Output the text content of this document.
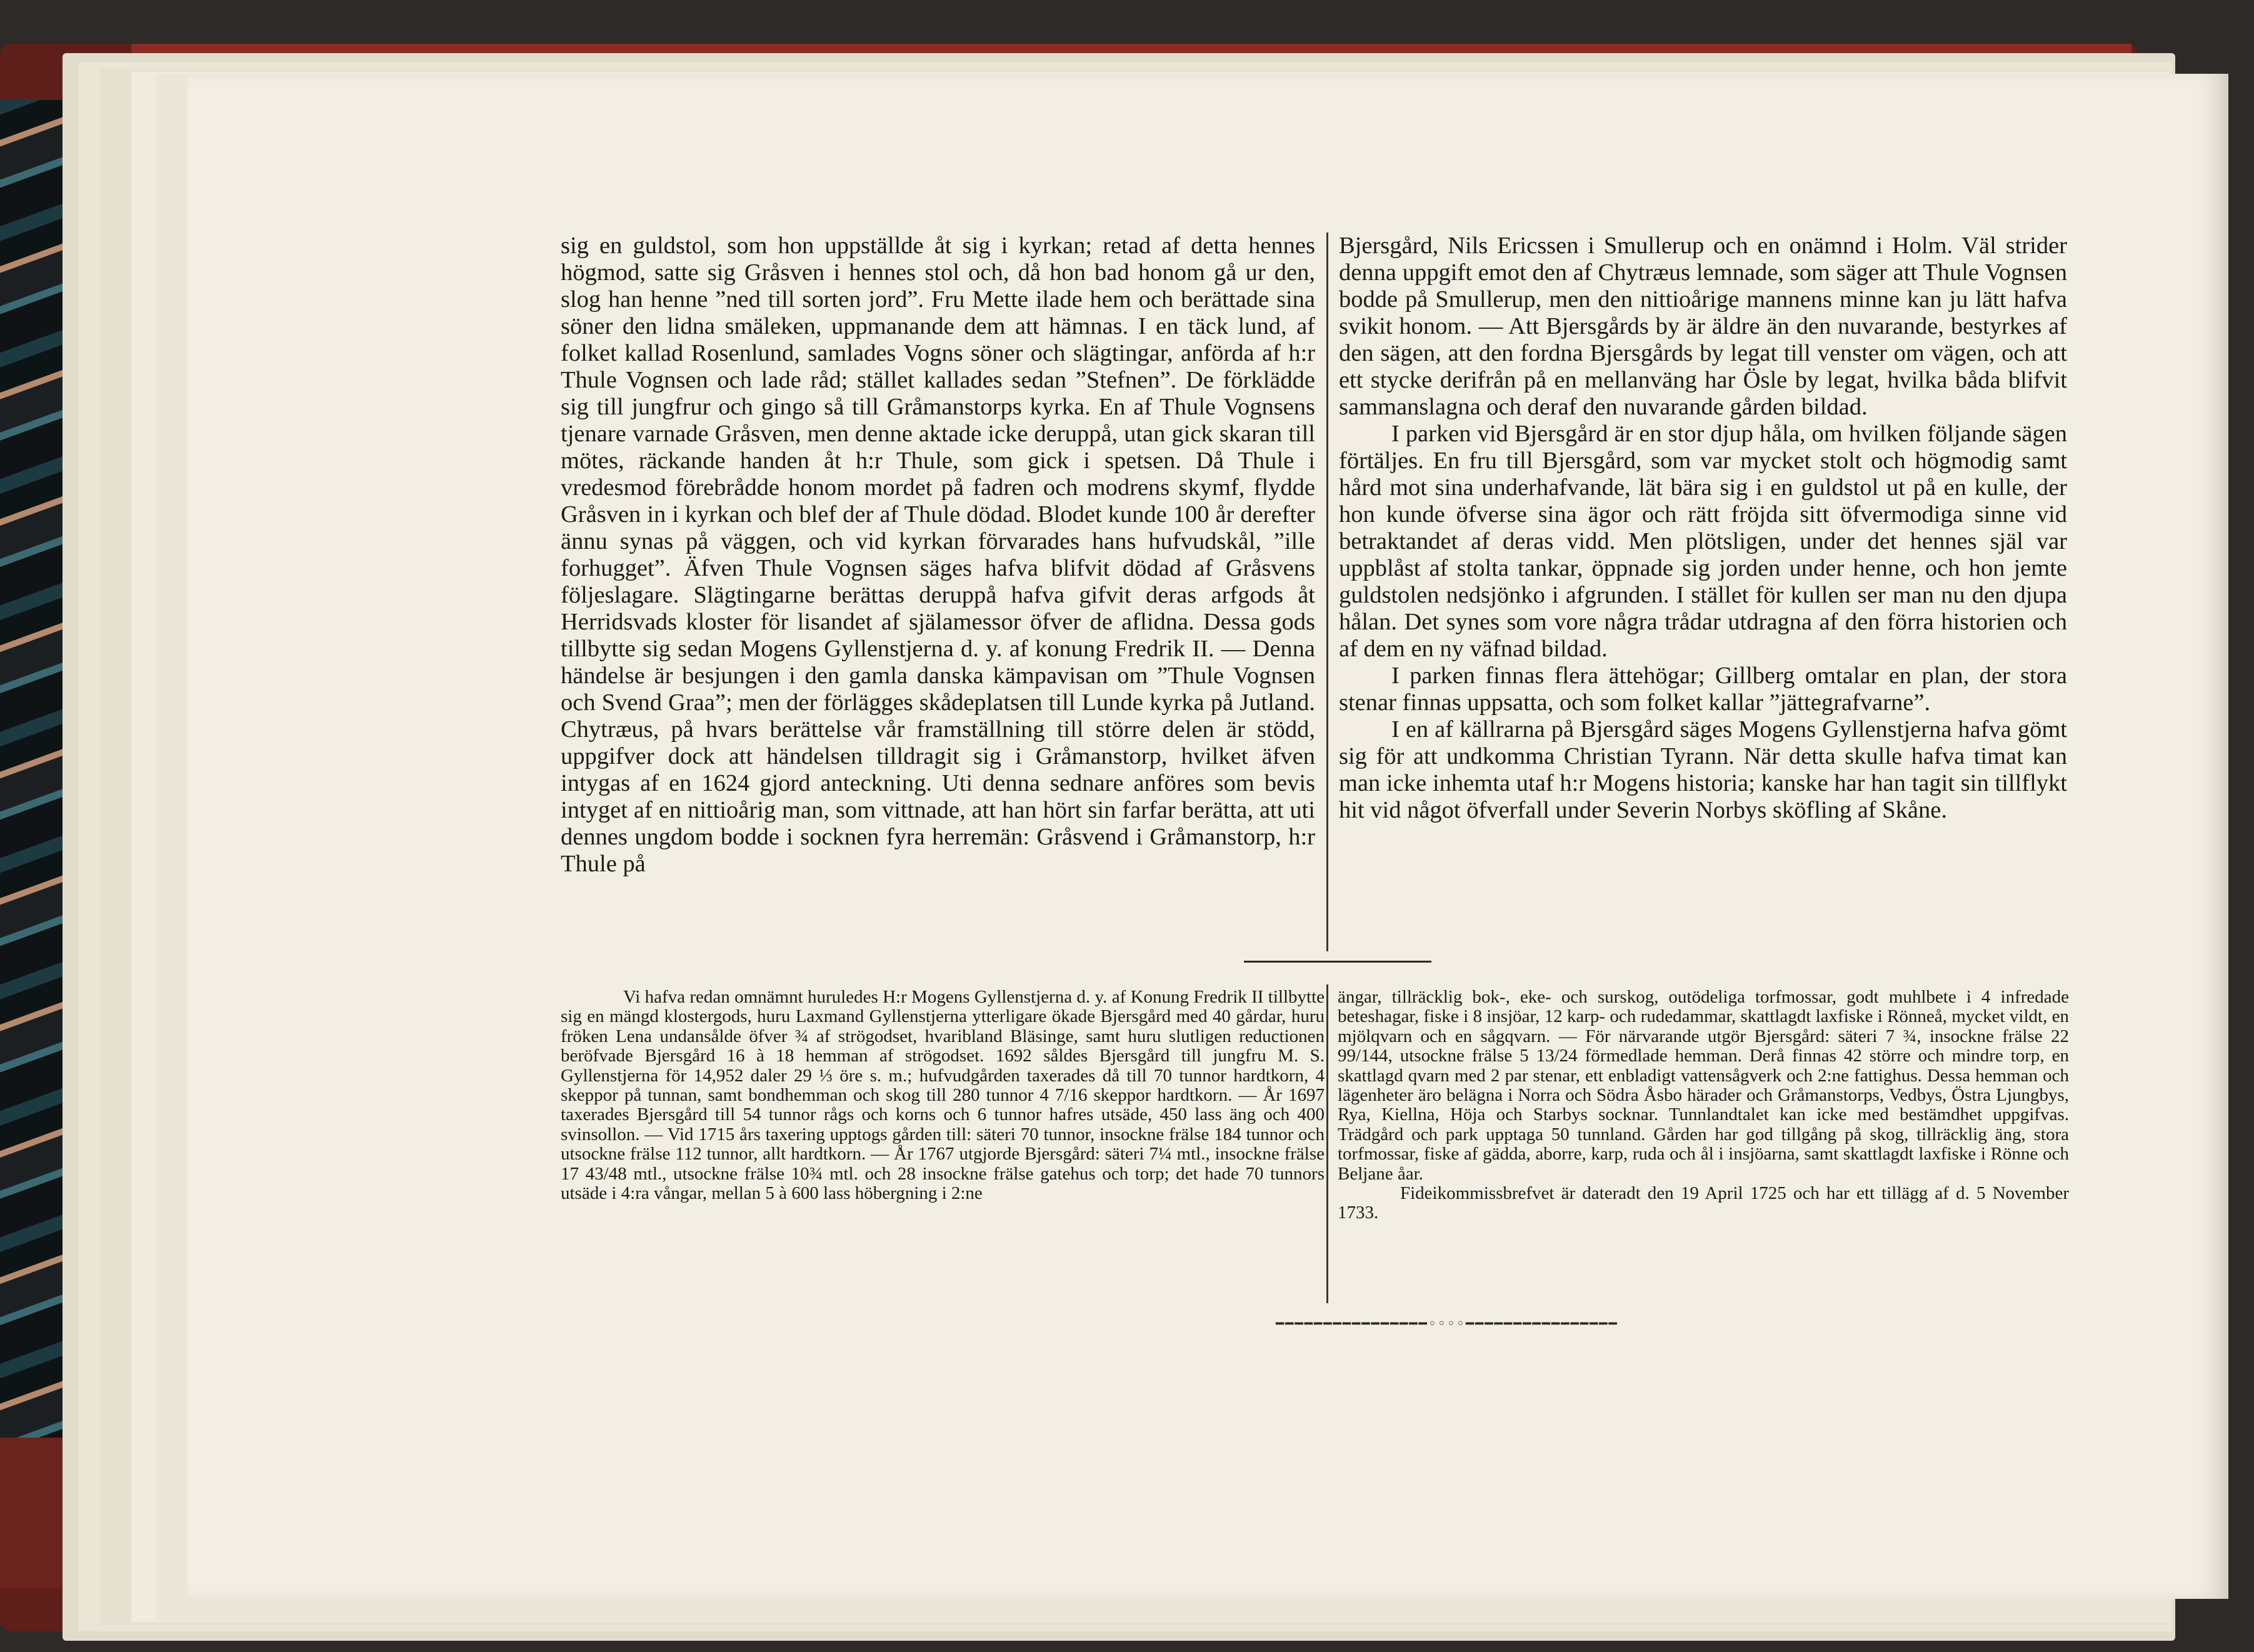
sig en guldstol, som hon uppställde åt sig i kyrkan; retad af detta hennes högmod, satte sig Gråsven i hennes stol och, då hon bad honom gå ur den, slog han henne ”ned till sorten jord”. Fru Mette ilade hem och berättade sina söner den lidna smäleken, uppmanande dem att hämnas. I en täck lund, af folket kallad Rosenlund, samlades Vogns söner och slägtingar, anförda af h:r Thule Vognsen och lade råd; stället kallades sedan ”Stefnen”. De förklädde sig till jungfrur och gingo så till Gråmanstorps kyrka. En af Thule Vognsens tjenare varnade Gråsven, men denne aktade icke deruppå, utan gick skaran till mötes, räckande handen åt h:r Thule, som gick i spetsen. Då Thule i vredesmod förebrådde honom mordet på fadren och modrens skymf, flydde Gråsven in i kyrkan och blef der af Thule dödad. Blodet kunde 100 år derefter ännu synas på väggen, och vid kyrkan förvarades hans hufvudskål, ”ille forhugget”. Äfven Thule Vognsen säges hafva blifvit dödad af Gråsvens följeslagare. Slägtingarne berättas deruppå hafva gifvit deras arfgods åt Herridsvads kloster för lisandet af själamessor öfver de aflidna. Dessa gods tillbytte sig sedan Mogens Gyllenstjerna d. y. af konung Fredrik II. — Denna händelse är besjungen i den gamla danska kämpavisan om ”Thule Vognsen och Svend Graa”; men der förlägges skådeplatsen till Lunde kyrka på Jutland. Chytræus, på hvars berättelse vår framställning till större delen är stödd, uppgifver dock att händelsen tilldragit sig i Gråmanstorp, hvilket äfven intygas af en 1624 gjord anteckning. Uti denna sednare anföres som bevis intyget af en nittioårig man, som vittnade, att han hört sin farfar berätta, att uti dennes ungdom bodde i socknen fyra herremän: Gråsvend i Gråmanstorp, h:r Thule på

Bjersgård, Nils Ericssen i Smullerup och en onämnd i Holm. Väl strider denna uppgift emot den af Chytræus lemnade, som säger att Thule Vognsen bodde på Smullerup, men den nittioårige mannens minne kan ju lätt hafva svikit honom. — Att Bjersgårds by är äldre än den nuvarande, bestyrkes af den sägen, att den fordna Bjersgårds by legat till venster om vägen, och att ett stycke derifrån på en mellanväng har Ösle by legat, hvilka båda blifvit sammanslagna och deraf den nuvarande gården bildad.

I parken vid Bjersgård är en stor djup håla, om hvilken följande sägen förtäljes. En fru till Bjersgård, som var mycket stolt och högmodig samt hård mot sina underhafvande, lät bära sig i en guldstol ut på en kulle, der hon kunde öfverse sina ägor och rätt fröjda sitt öfvermodiga sinne vid betraktandet af deras vidd. Men plötsligen, under det hennes själ var uppblåst af stolta tankar, öppnade sig jorden under henne, och hon jemte guldstolen nedsjönko i afgrunden. I stället för kullen ser man nu den djupa hålan. Det synes som vore några trådar utdragna af den förra historien och af dem en ny väfnad bildad.

I parken finnas flera ättehögar; Gillberg omtalar en plan, der stora stenar finnas uppsatta, och som folket kallar ”jättegrafvarne”.

I en af källrarna på Bjersgård säges Mogens Gyllenstjerna hafva gömt sig för att undkomma Christian Tyrann. När detta skulle hafva timat kan man icke inhemta utaf h:r Mogens historia; kanske har han tagit sin tillflykt hit vid något öfverfall under Severin Norbys sköfling af Skåne.

Vi hafva redan omnämnt huruledes H:r Mogens Gyllenstjerna d. y. af Konung Fredrik II tillbytte sig en mängd klostergods, huru Laxmand Gyllenstjerna ytterligare ökade Bjersgård med 40 gårdar, huru fröken Lena undansålde öfver ¾ af strögodset, hvaribland Bläsinge, samt huru slutligen reductionen beröfvade Bjersgård 16 à 18 hemman af strögodset. 1692 såldes Bjersgård till jungfru M. S. Gyllenstjerna för 14,952 daler 29 ⅓ öre s. m.; hufvudgården taxerades då till 70 tunnor hardtkorn, 4 skeppor på tunnan, samt bondhemman och skog till 280 tunnor 4 7/16 skeppor hardtkorn. — År 1697 taxerades Bjersgård till 54 tunnor rågs och korns och 6 tunnor hafres utsäde, 450 lass äng och 400 svinsollon. — Vid 1715 års taxering upptogs gården till: säteri 70 tunnor, insockne frälse 184 tunnor och utsockne frälse 112 tunnor, allt hardtkorn. — År 1767 utgjorde Bjersgård: säteri 7¼ mtl., insockne frälse 17 43/48 mtl., utsockne frälse 10¾ mtl. och 28 insockne frälse gatehus och torp; det hade 70 tunnors utsäde i 4:ra vångar, mellan 5 à 600 lass höbergning i 2:ne

ängar, tillräcklig bok-, eke- och surskog, outödeliga torfmossar, godt muhlbete i 4 infredade beteshagar, fiske i 8 insjöar, 12 karp- och rudedammar, skattlagdt laxfiske i Rönneå, mycket vildt, en mjölqvarn och en sågqvarn. — För närvarande utgör Bjersgård: säteri 7 ¾, insockne frälse 22 99/144, utsockne frälse 5 13/24 förmedlade hemman. Derå finnas 42 större och mindre torp, en skattlagd qvarn med 2 par stenar, ett enbladigt vattensågverk och 2:ne fattighus. Dessa hemman och lägenheter äro belägna i Norra och Södra Åsbo härader och Gråmanstorps, Vedbys, Östra Ljungbys, Rya, Kiellna, Höja och Starbys socknar. Tunnlandtalet kan icke med bestämdhet uppgifvas. Trädgård och park upptaga 50 tunnland. Gården har god tillgång på skog, tillräcklig äng, stora torfmossar, fiske af gädda, aborre, karp, ruda och ål i insjöarna, samt skattlagdt laxfiske i Rönne och Beljane åar.

Fideikommissbrefvet är dateradt den 19 April 1725 och har ett tillägg af d. 5 November 1733.

━━━━━━━━━━━━━━━━◦◦◦◦━━━━━━━━━━━━━━━━
